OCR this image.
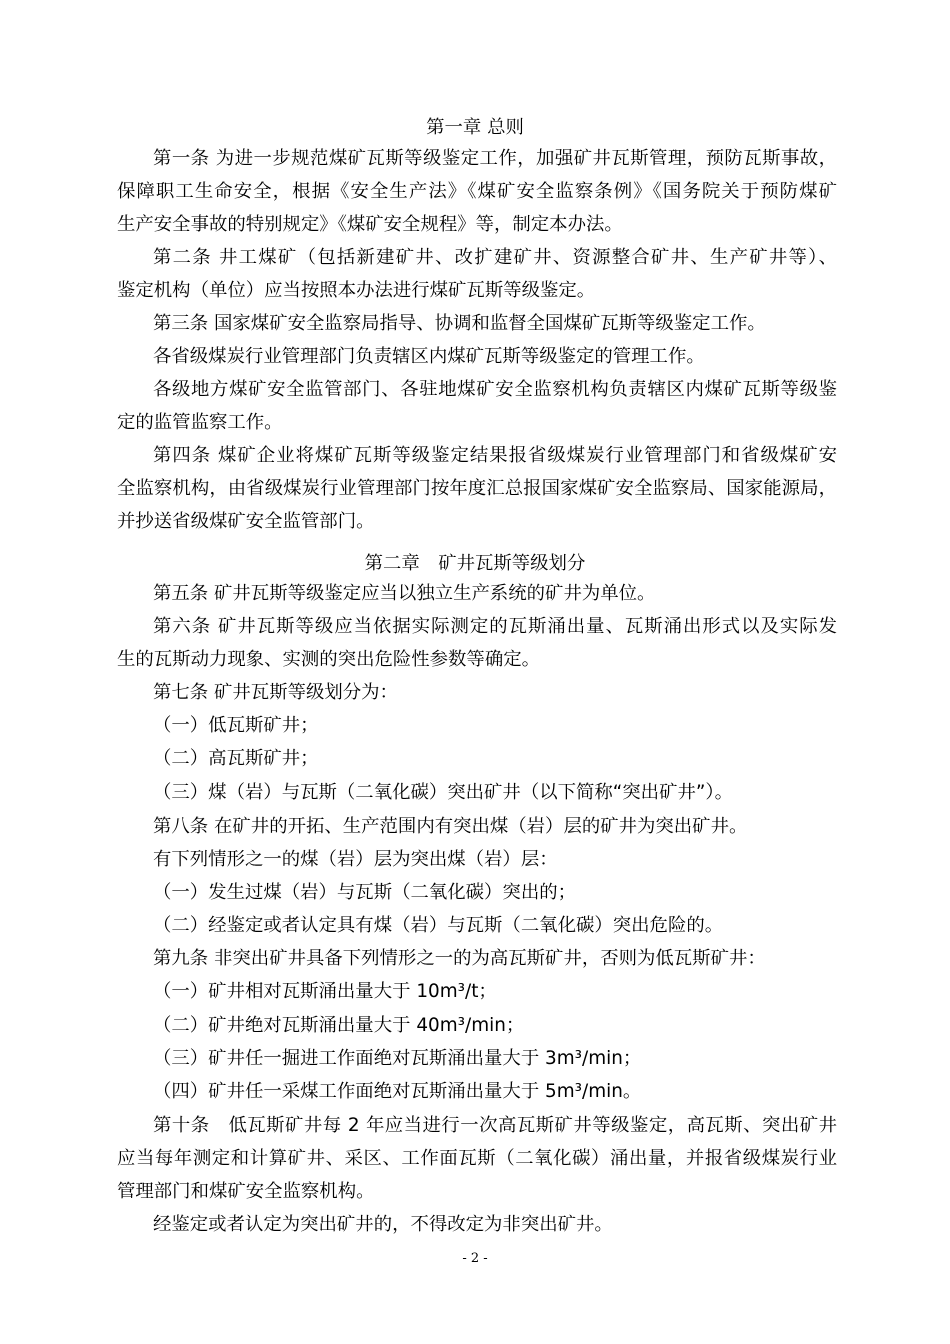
第一章 总则
第一条 为进一步规范煤矿瓦斯等级鉴定工作，加强矿井瓦斯管理，预防瓦斯事故，
保障职工生命安全，根据《安全生产法》《煤矿安全监察条例》《国务院关于预防煤矿
生产安全事故的特别规定》《煤矿安全规程》等，制定本办法。
第二条 井工煤矿（包括新建矿井、改扩建矿井、资源整合矿井、生产矿井等）、
鉴定机构（单位）应当按照本办法进行煤矿瓦斯等级鉴定。
第三条 国家煤矿安全监察局指导、协调和监督全国煤矿瓦斯等级鉴定工作。
各省级煤炭行业管理部门负责辖区内煤矿瓦斯等级鉴定的管理工作。
各级地方煤矿安全监管部门、各驻地煤矿安全监察机构负责辖区内煤矿瓦斯等级鉴
定的监管监察工作。
第四条 煤矿企业将煤矿瓦斯等级鉴定结果报省级煤炭行业管理部门和省级煤矿安
全监察机构，由省级煤炭行业管理部门按年度汇总报国家煤矿安全监察局、国家能源局，
并抄送省级煤矿安全监管部门。
第二章　矿井瓦斯等级划分
第五条 矿井瓦斯等级鉴定应当以独立生产系统的矿井为单位。
第六条 矿井瓦斯等级应当依据实际测定的瓦斯涌出量、瓦斯涌出形式以及实际发
生的瓦斯动力现象、实测的突出危险性参数等确定。
第七条 矿井瓦斯等级划分为：
（一）低瓦斯矿井；
（二）高瓦斯矿井；
（三）煤（岩）与瓦斯（二氧化碳）突出矿井（以下简称“突出矿井”）。
第八条 在矿井的开拓、生产范围内有突出煤（岩）层的矿井为突出矿井。
有下列情形之一的煤（岩）层为突出煤（岩）层：
（一）发生过煤（岩）与瓦斯（二氧化碳）突出的；
（二）经鉴定或者认定具有煤（岩）与瓦斯（二氧化碳）突出危险的。
第九条 非突出矿井具备下列情形之一的为高瓦斯矿井，否则为低瓦斯矿井：
（一）矿井相对瓦斯涌出量大于 10m³/t；
（二）矿井绝对瓦斯涌出量大于 40m³/min；
（三）矿井任一掘进工作面绝对瓦斯涌出量大于 3m³/min；
（四）矿井任一采煤工作面绝对瓦斯涌出量大于 5m³/min。
第十条　低瓦斯矿井每 2 年应当进行一次高瓦斯矿井等级鉴定，高瓦斯、突出矿井
应当每年测定和计算矿井、采区、工作面瓦斯（二氧化碳）涌出量，并报省级煤炭行业
管理部门和煤矿安全监察机构。
经鉴定或者认定为突出矿井的，不得改定为非突出矿井。
- 2 -
